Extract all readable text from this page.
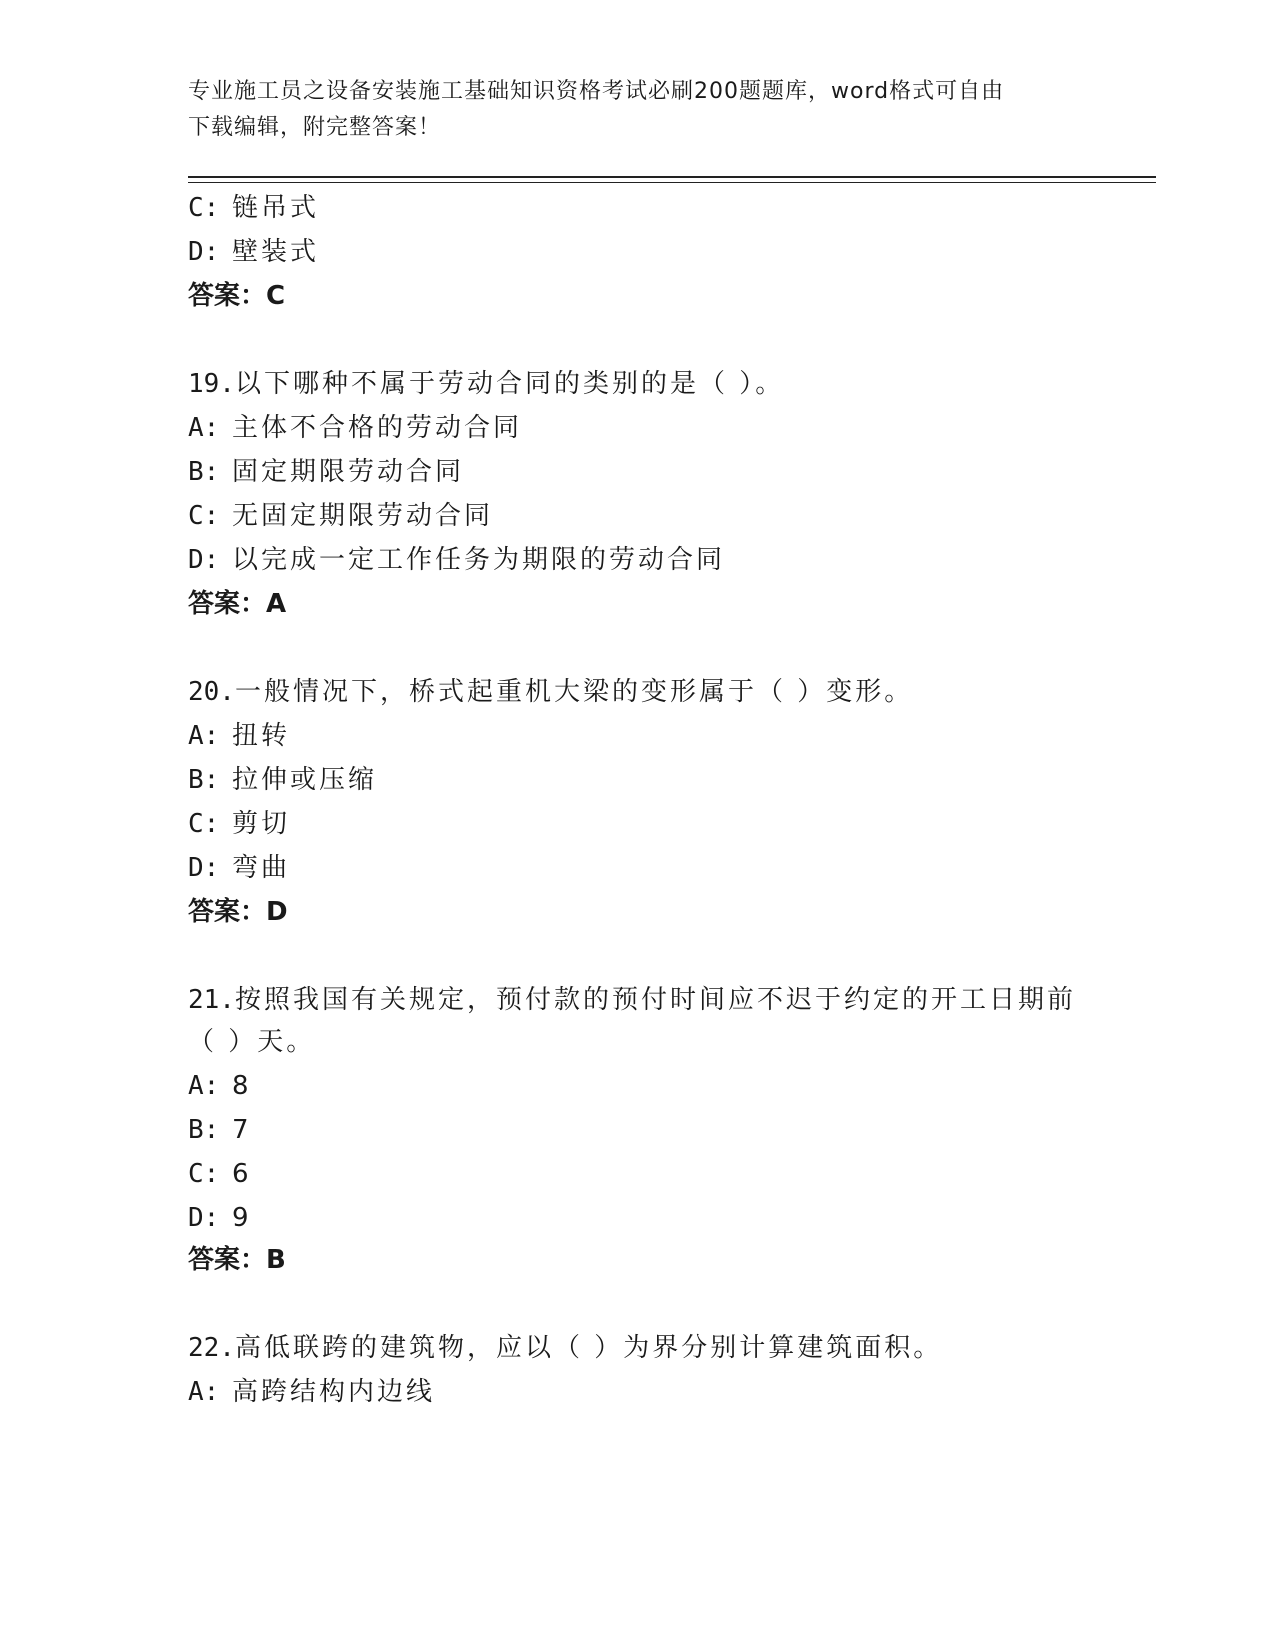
专业施工员之设备安装施工基础知识资格考试必刷200题题库，word格式可自由
下载编辑，附完整答案！
C: 链吊式
D: 壁装式
答案：C
19.以下哪种不属于劳动合同的类别的是（ ）。
A: 主体不合格的劳动合同
B: 固定期限劳动合同
C: 无固定期限劳动合同
D: 以完成一定工作任务为期限的劳动合同
答案：A
20.一般情况下，桥式起重机大梁的变形属于（ ）变形。
A: 扭转
B: 拉伸或压缩
C: 剪切
D: 弯曲
答案：D
21.按照我国有关规定，预付款的预付时间应不迟于约定的开工日期前
（ ）天。
A: 8
B: 7
C: 6
D: 9
答案：B
22.高低联跨的建筑物，应以（ ）为界分别计算建筑面积。
A: 高跨结构内边线
